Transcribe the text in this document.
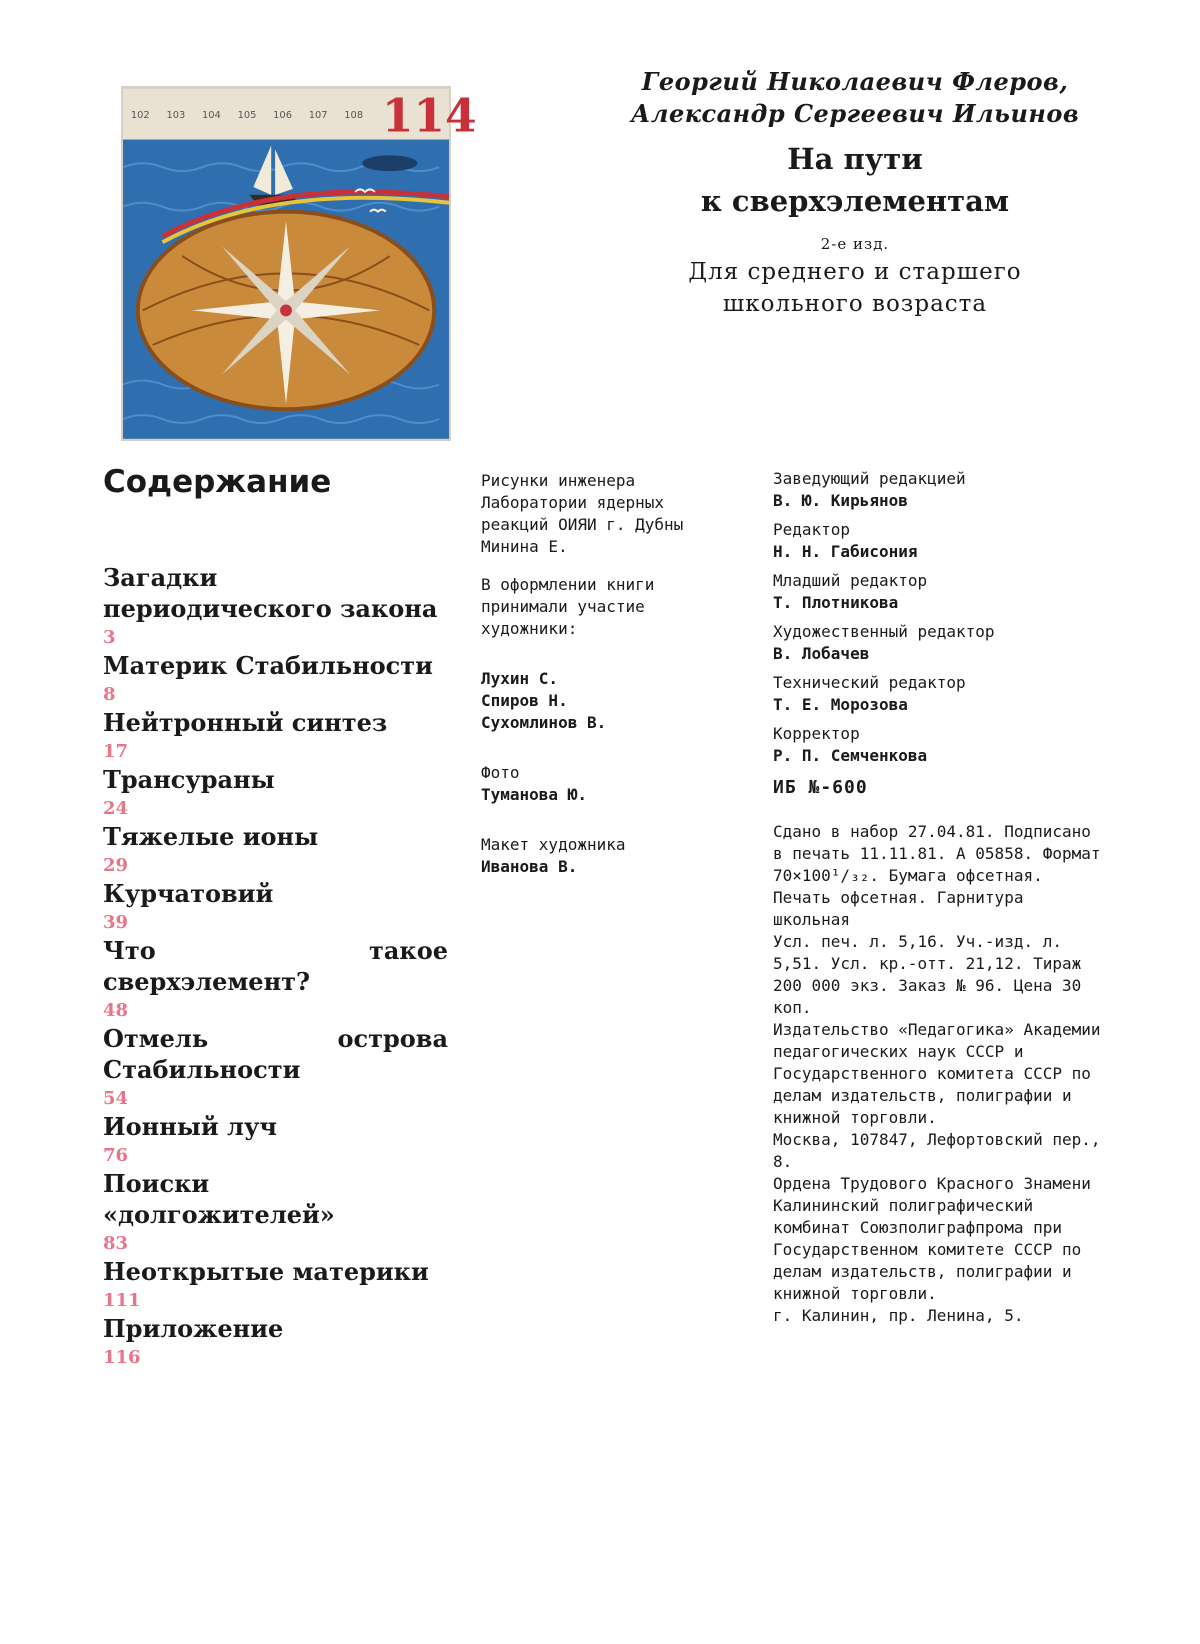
102 103 104 105 106 107 108 114

Георгий Николаевич Флеров,

Александр Сергеевич Ильинов

На пути

к сверхэлементам

2-е изд.

Для среднего и старшего

школьного возраста

Содержание

Загадки периодического закона

3

Материк Стабильности

8

Нейтронный синтез

17

Трансураны

24

Тяжелые ионы

29

Курчатовий

39

Что такое сверхэлемент?

48

Отмель острова Стабильности

54

Ионный луч

76

Поиски «долгожителей»

83

Неоткрытые материки

111

Приложение

116

Рисунки инженера Лаборатории ядерных реакций ОИЯИ г. Дубны Минина Е.

В оформлении книги принимали участие художники:

Лухин С.

Спиров Н.

Сухомлинов В.

Фото

Туманова Ю.

Макет художника

Иванова В.

Заведующий редакцией

В. Ю. Кирьянов

Редактор

Н. Н. Габисония

Младший редактор

Т. Плотникова

Художественный редактор

В. Лобачев

Технический редактор

Т. Е. Морозова

Корректор

Р. П. Семченкова

ИБ №-600

Сдано в набор 27.04.81. Подписано в печать 11.11.81. А 05858. Формат 70×100¹/₃₂. Бумага офсетная. Печать офсетная. Гарнитура школьная
Усл. печ. л. 5,16. Уч.-изд. л. 5,51. Усл. кр.-отт. 21,12. Тираж 200 000 экз. Заказ № 96. Цена 30 коп.
Издательство «Педагогика» Академии педагогических наук СССР и Государственного комитета СССР по делам издательств, полиграфии и книжной торговли.
Москва, 107847, Лефортовский пер., 8.
Ордена Трудового Красного Знамени Калининский полиграфический комбинат Союзполиграфпрома при Государственном комитете СССР по делам издательств, полиграфии и книжной торговли.
г. Калинин, пр. Ленина, 5.
